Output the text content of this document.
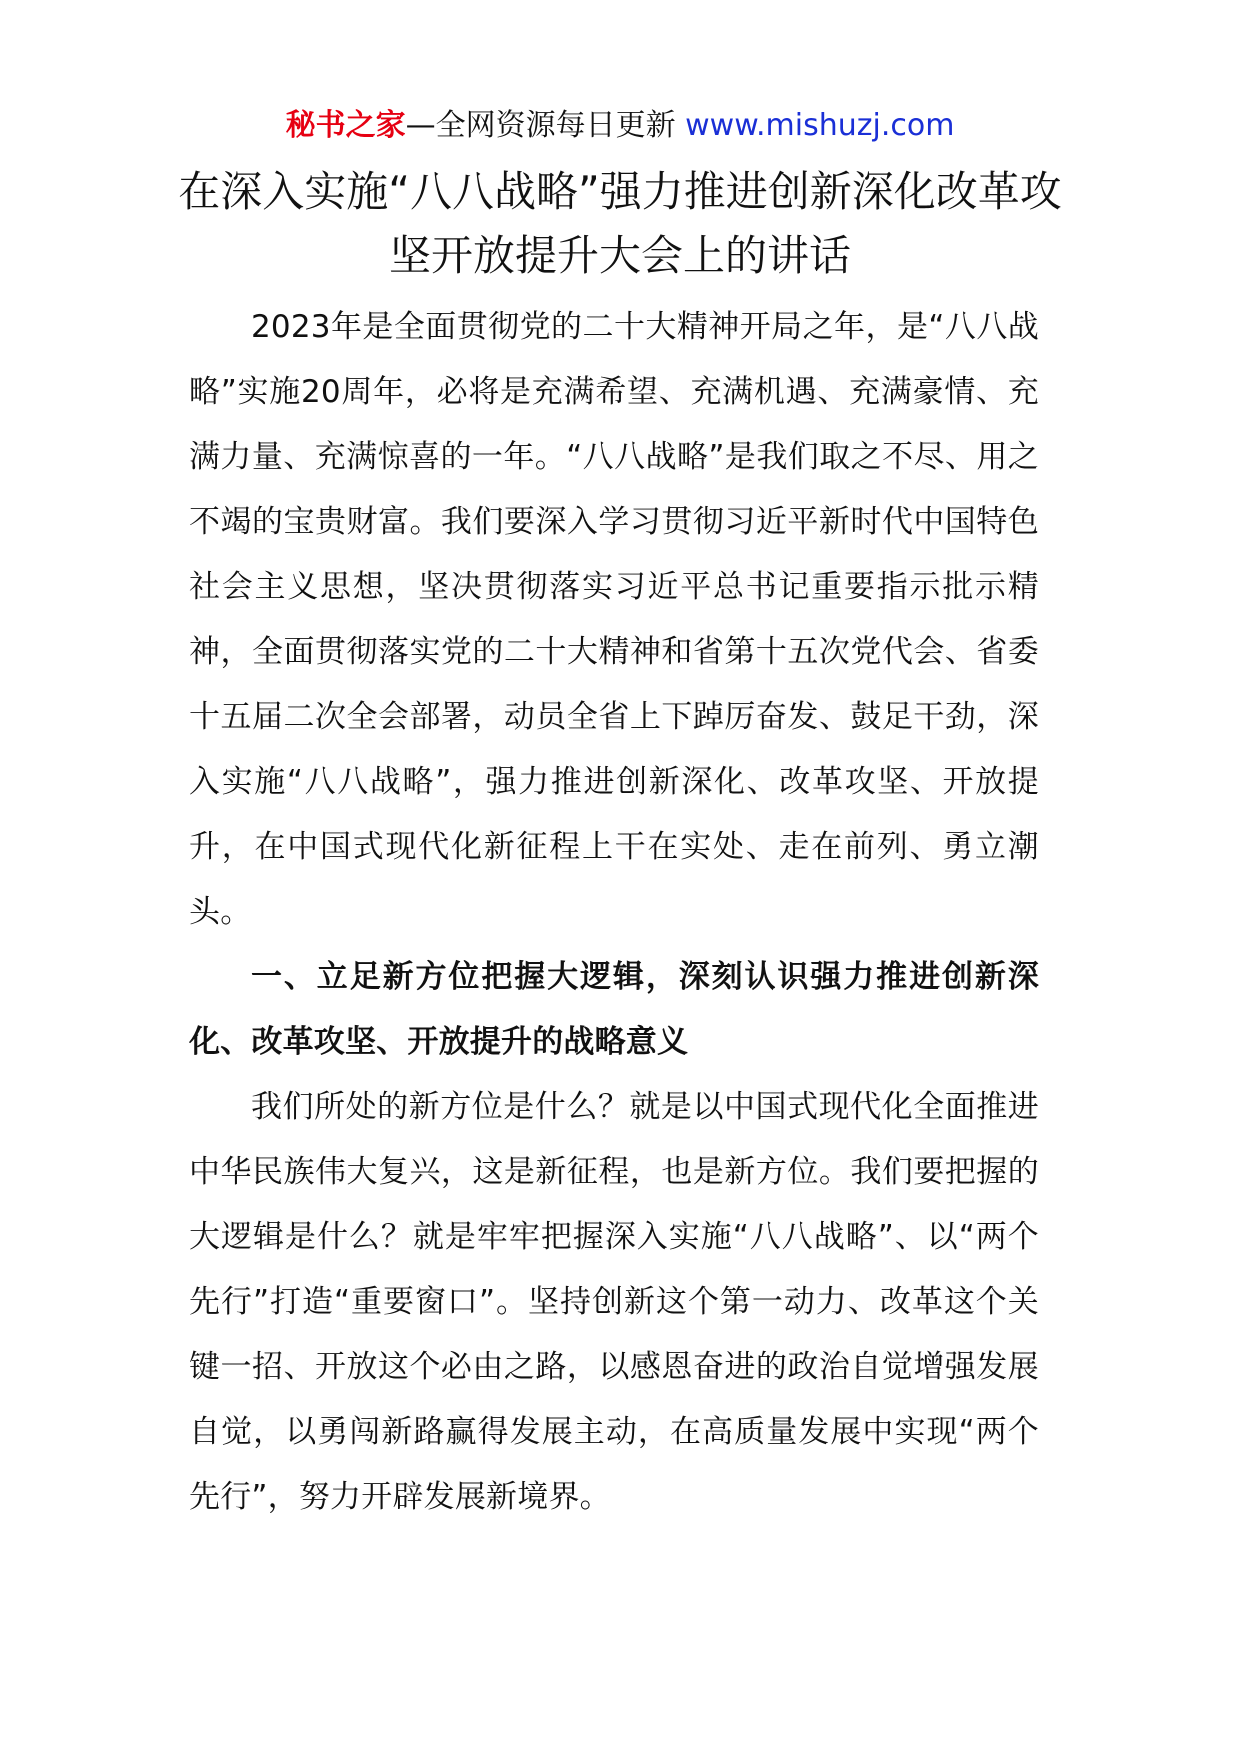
秘书之家—全网资源每日更新 www.mishuzj.com
在深入实施“八八战略”强力推进创新深化改革攻坚开放提升大会上的讲话

2023年是全面贯彻党的二十大精神开局之年，是“八八战略”实施20周年，必将是充满希望、充满机遇、充满豪情、充满力量、充满惊喜的一年。“八八战略”是我们取之不尽、用之不竭的宝贵财富。我们要深入学习贯彻习近平新时代中国特色社会主义思想，坚决贯彻落实习近平总书记重要指示批示精神，全面贯彻落实党的二十大精神和省第十五次党代会、省委十五届二次全会部署，动员全省上下踔厉奋发、鼓足干劲，深入实施“八八战略”，强力推进创新深化、改革攻坚、开放提升，在中国式现代化新征程上干在实处、走在前列、勇立潮头。

一、立足新方位把握大逻辑，深刻认识强力推进创新深化、改革攻坚、开放提升的战略意义

我们所处的新方位是什么？就是以中国式现代化全面推进中华民族伟大复兴，这是新征程，也是新方位。我们要把握的大逻辑是什么？就是牢牢把握深入实施“八八战略”、以“两个先行”打造“重要窗口”。坚持创新这个第一动力、改革这个关键一招、开放这个必由之路，以感恩奋进的政治自觉增强发展自觉，以勇闯新路赢得发展主动，在高质量发展中实现“两个先行”，努力开辟发展新境界。
